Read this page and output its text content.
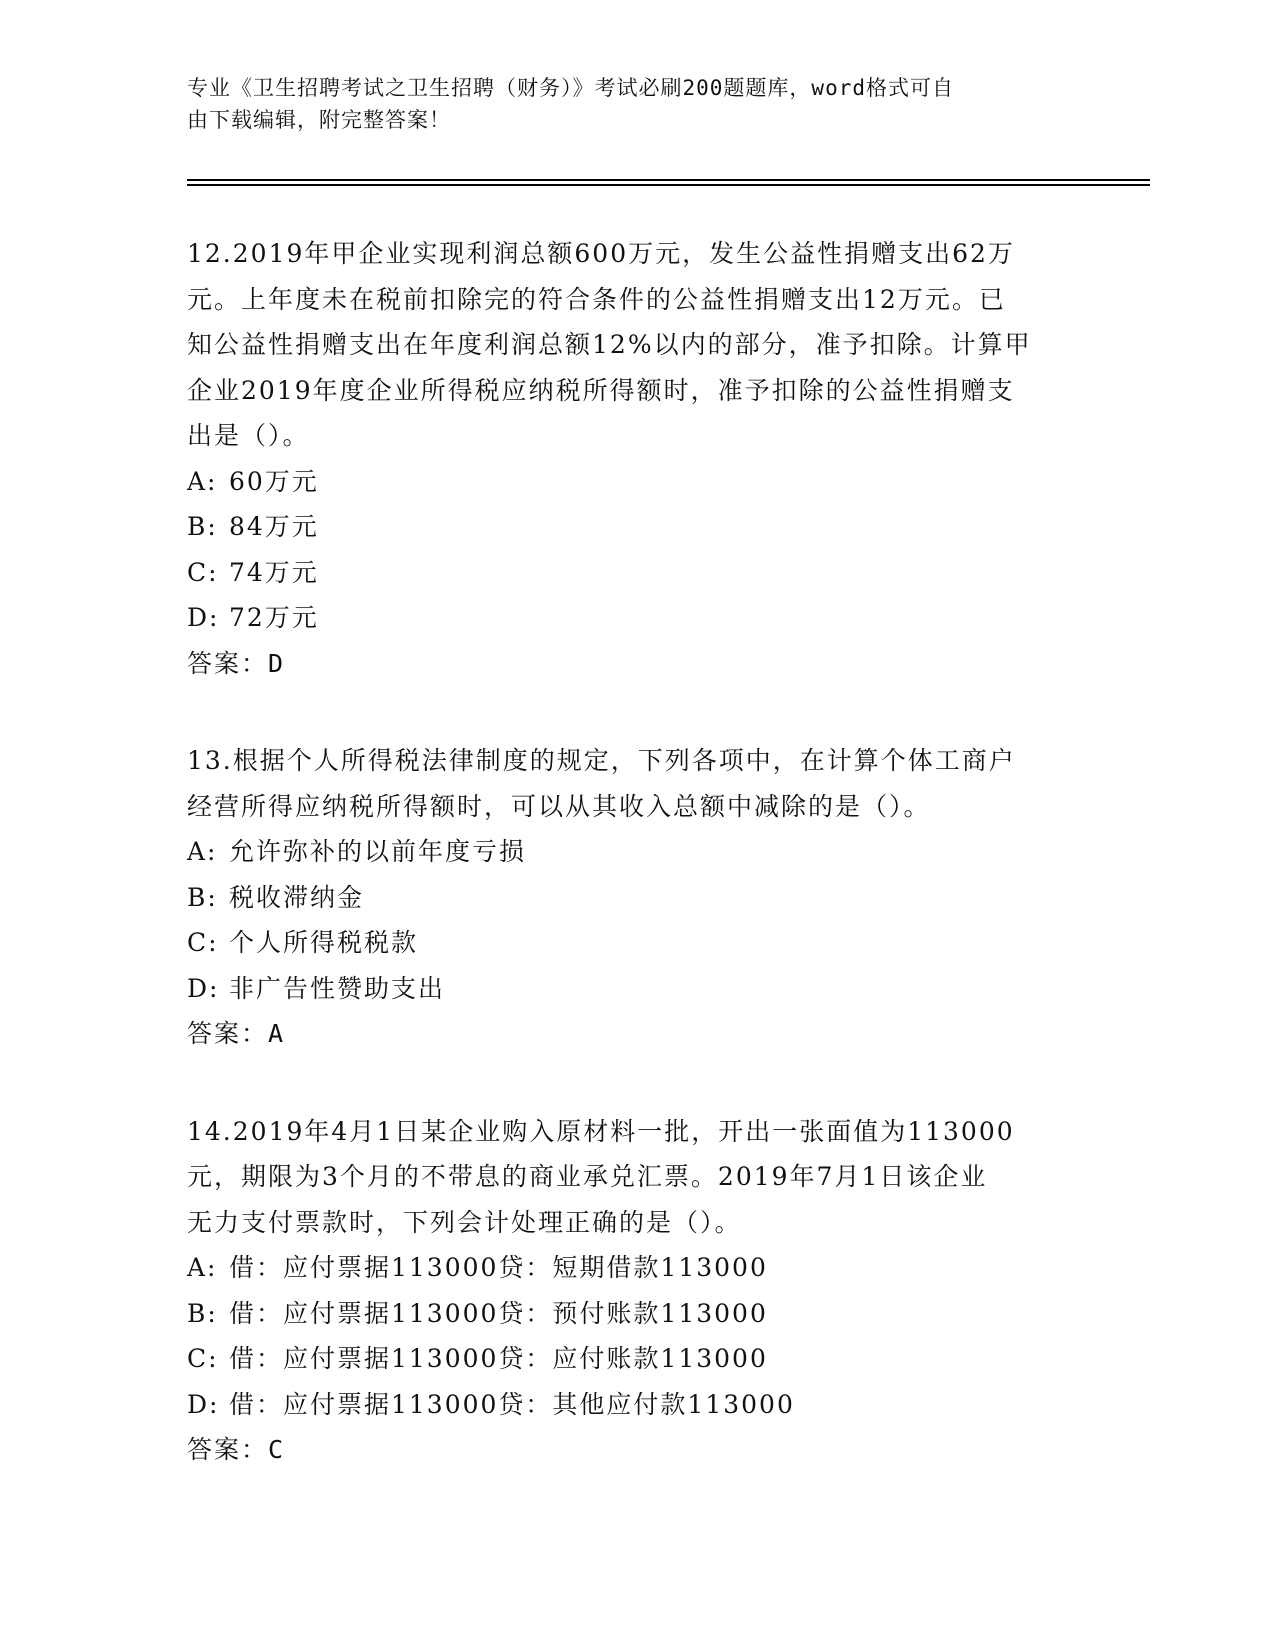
专业《卫生招聘考试之卫生招聘（财务）》考试必刷200题题库，word格式可自
由下载编辑，附完整答案！
12.2019年甲企业实现利润总额600万元，发生公益性捐赠支出62万
元。上年度未在税前扣除完的符合条件的公益性捐赠支出12万元。已
知公益性捐赠支出在年度利润总额12%以内的部分，准予扣除。计算甲
企业2019年度企业所得税应纳税所得额时，准予扣除的公益性捐赠支
出是（）。
A: 60万元
B: 84万元
C: 74万元
D: 72万元
答案：D
13.根据个人所得税法律制度的规定，下列各项中，在计算个体工商户
经营所得应纳税所得额时，可以从其收入总额中减除的是（）。
A: 允许弥补的以前年度亏损
B: 税收滞纳金
C: 个人所得税税款
D: 非广告性赞助支出
答案：A
14.2019年4月1日某企业购入原材料一批，开出一张面值为113000
元，期限为3个月的不带息的商业承兑汇票。2019年7月1日该企业
无力支付票款时，下列会计处理正确的是（）。
A: 借：应付票据113000贷：短期借款113000
B: 借：应付票据113000贷：预付账款113000
C: 借：应付票据113000贷：应付账款113000
D: 借：应付票据113000贷：其他应付款113000
答案：C
